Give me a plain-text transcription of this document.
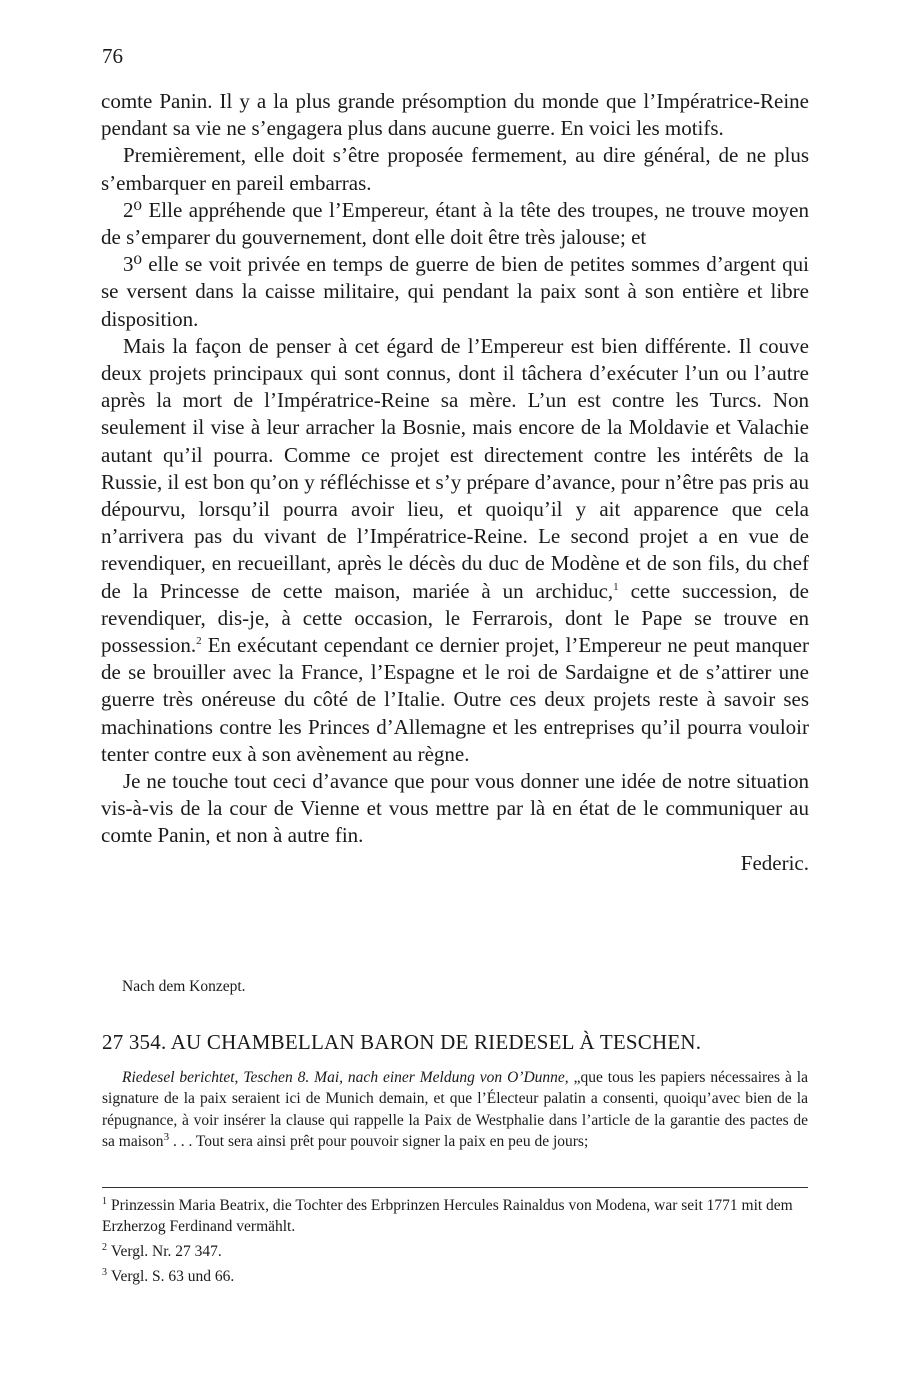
76

comte Panin. Il y a la plus grande présomption du monde que l’Impératrice-Reine pendant sa vie ne s’engagera plus dans aucune guerre. En voici les motifs.

Premièrement, elle doit s’être proposée fermement, au dire général, de ne plus s’embarquer en pareil embarras.

2⁰ Elle appréhende que l’Empereur, étant à la tête des troupes, ne trouve moyen de s’emparer du gouvernement, dont elle doit être très jalouse; et

3⁰ elle se voit privée en temps de guerre de bien de petites sommes d’argent qui se versent dans la caisse militaire, qui pendant la paix sont à son entière et libre disposition.

Mais la façon de penser à cet égard de l’Empereur est bien différente. Il couve deux projets principaux qui sont connus, dont il tâchera d’exécuter l’un ou l’autre après la mort de l’Impératrice-Reine sa mère. L’un est contre les Turcs. Non seulement il vise à leur arracher la Bosnie, mais encore de la Moldavie et Valachie autant qu’il pourra. Comme ce projet est directement contre les intérêts de la Russie, il est bon qu’on y réfléchisse et s’y prépare d’avance, pour n’être pas pris au dépourvu, lorsqu’il pourra avoir lieu, et quoiqu’il y ait apparence que cela n’arrivera pas du vivant de l’Impératrice-Reine. Le second projet a en vue de revendiquer, en recueillant, après le décès du duc de Modène et de son fils, du chef de la Princesse de cette maison, mariée à un archiduc,$^1$ cette succession, de revendiquer, dis-je, à cette occasion, le Ferrarois, dont le Pape se trouve en possession.$^2$ En exécutant cependant ce dernier projet, l’Empereur ne peut manquer de se brouiller avec la France, l’Espagne et le roi de Sardaigne et de s’attirer une guerre très onéreuse du côté de l’Italie. Outre ces deux projets reste à savoir ses machinations contre les Princes d’Allemagne et les entreprises qu’il pourra vouloir tenter contre eux à son avènement au règne.

Je ne touche tout ceci d’avance que pour vous donner une idée de notre situation vis-à-vis de la cour de Vienne et vous mettre par là en état de le communiquer au comte Panin, et non à autre fin.

Federic.

Nach dem Konzept.
27 354. AU CHAMBELLAN BARON DE RIEDESEL À TESCHEN.

Riedesel berichtet, Teschen 8. Mai, nach einer Meldung von O’Dunne, „que tous les papiers nécessaires à la signature de la paix seraient ici de Munich demain, et que l’Électeur palatin a consenti, quoiqu’avec bien de la répugnance, à voir insérer la clause qui rappelle la Paix de Westphalie dans l’article de la garantie des pactes de sa maison$^3$ . . . Tout sera ainsi prêt pour pouvoir signer la paix en peu de jours;

$^1$ Prinzessin Maria Beatrix, die Tochter des Erbprinzen Hercules Rainaldus von Modena, war seit 1771 mit dem Erzherzog Ferdinand vermählt.

$^2$ Vergl. Nr. 27 347.

$^3$ Vergl. S. 63 und 66.
